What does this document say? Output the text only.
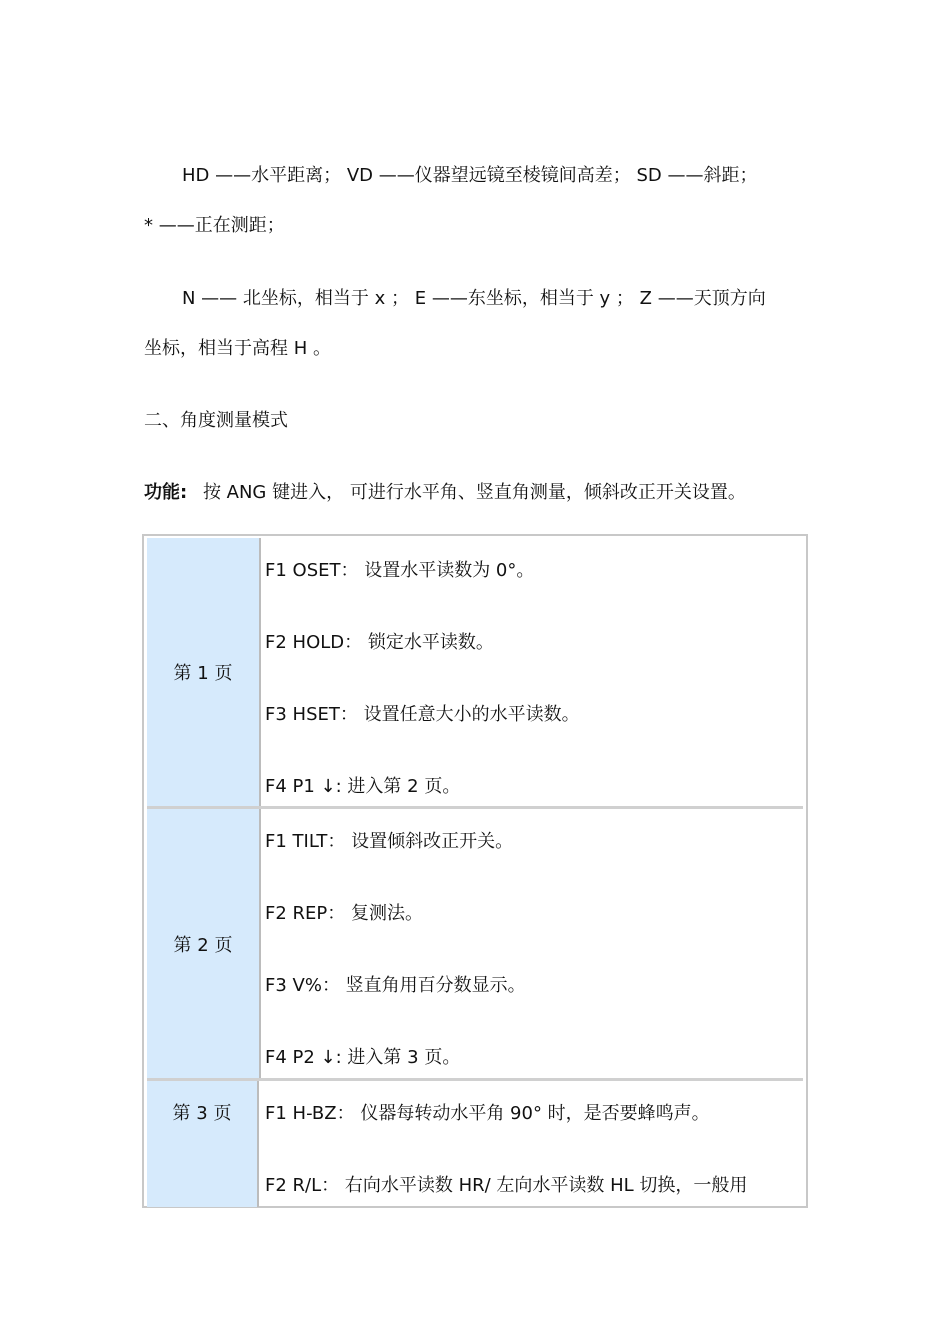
HD ——水平距离； VD ——仪器望远镜至棱镜间高差； SD ——斜距；
* ——正在测距；
N —— 北坐标，相当于 x ； E ——东坐标，相当于 y ； Z ——天顶方向
坐标，相当于高程 H 。
二、角度测量模式
功能: 按 ANG 键进入， 可进行水平角、竖直角测量，倾斜改正开关设置。
第 1 页
F1 OSET： 设置水平读数为 0°。
F2 HOLD： 锁定水平读数。
F3 HSET： 设置任意大小的水平读数。
F4 P1 ↓: 进入第 2 页。
第 2 页
F1 TILT： 设置倾斜改正开关。
F2 REP： 复测法。
F3 V%： 竖直角用百分数显示。
F4 P2 ↓: 进入第 3 页。
第 3 页 F1 H-BZ： 仪器每转动水平角 90° 时，是否要蜂鸣声。
F2 R/L： 右向水平读数 HR/ 左向水平读数 HL 切换，一般用
